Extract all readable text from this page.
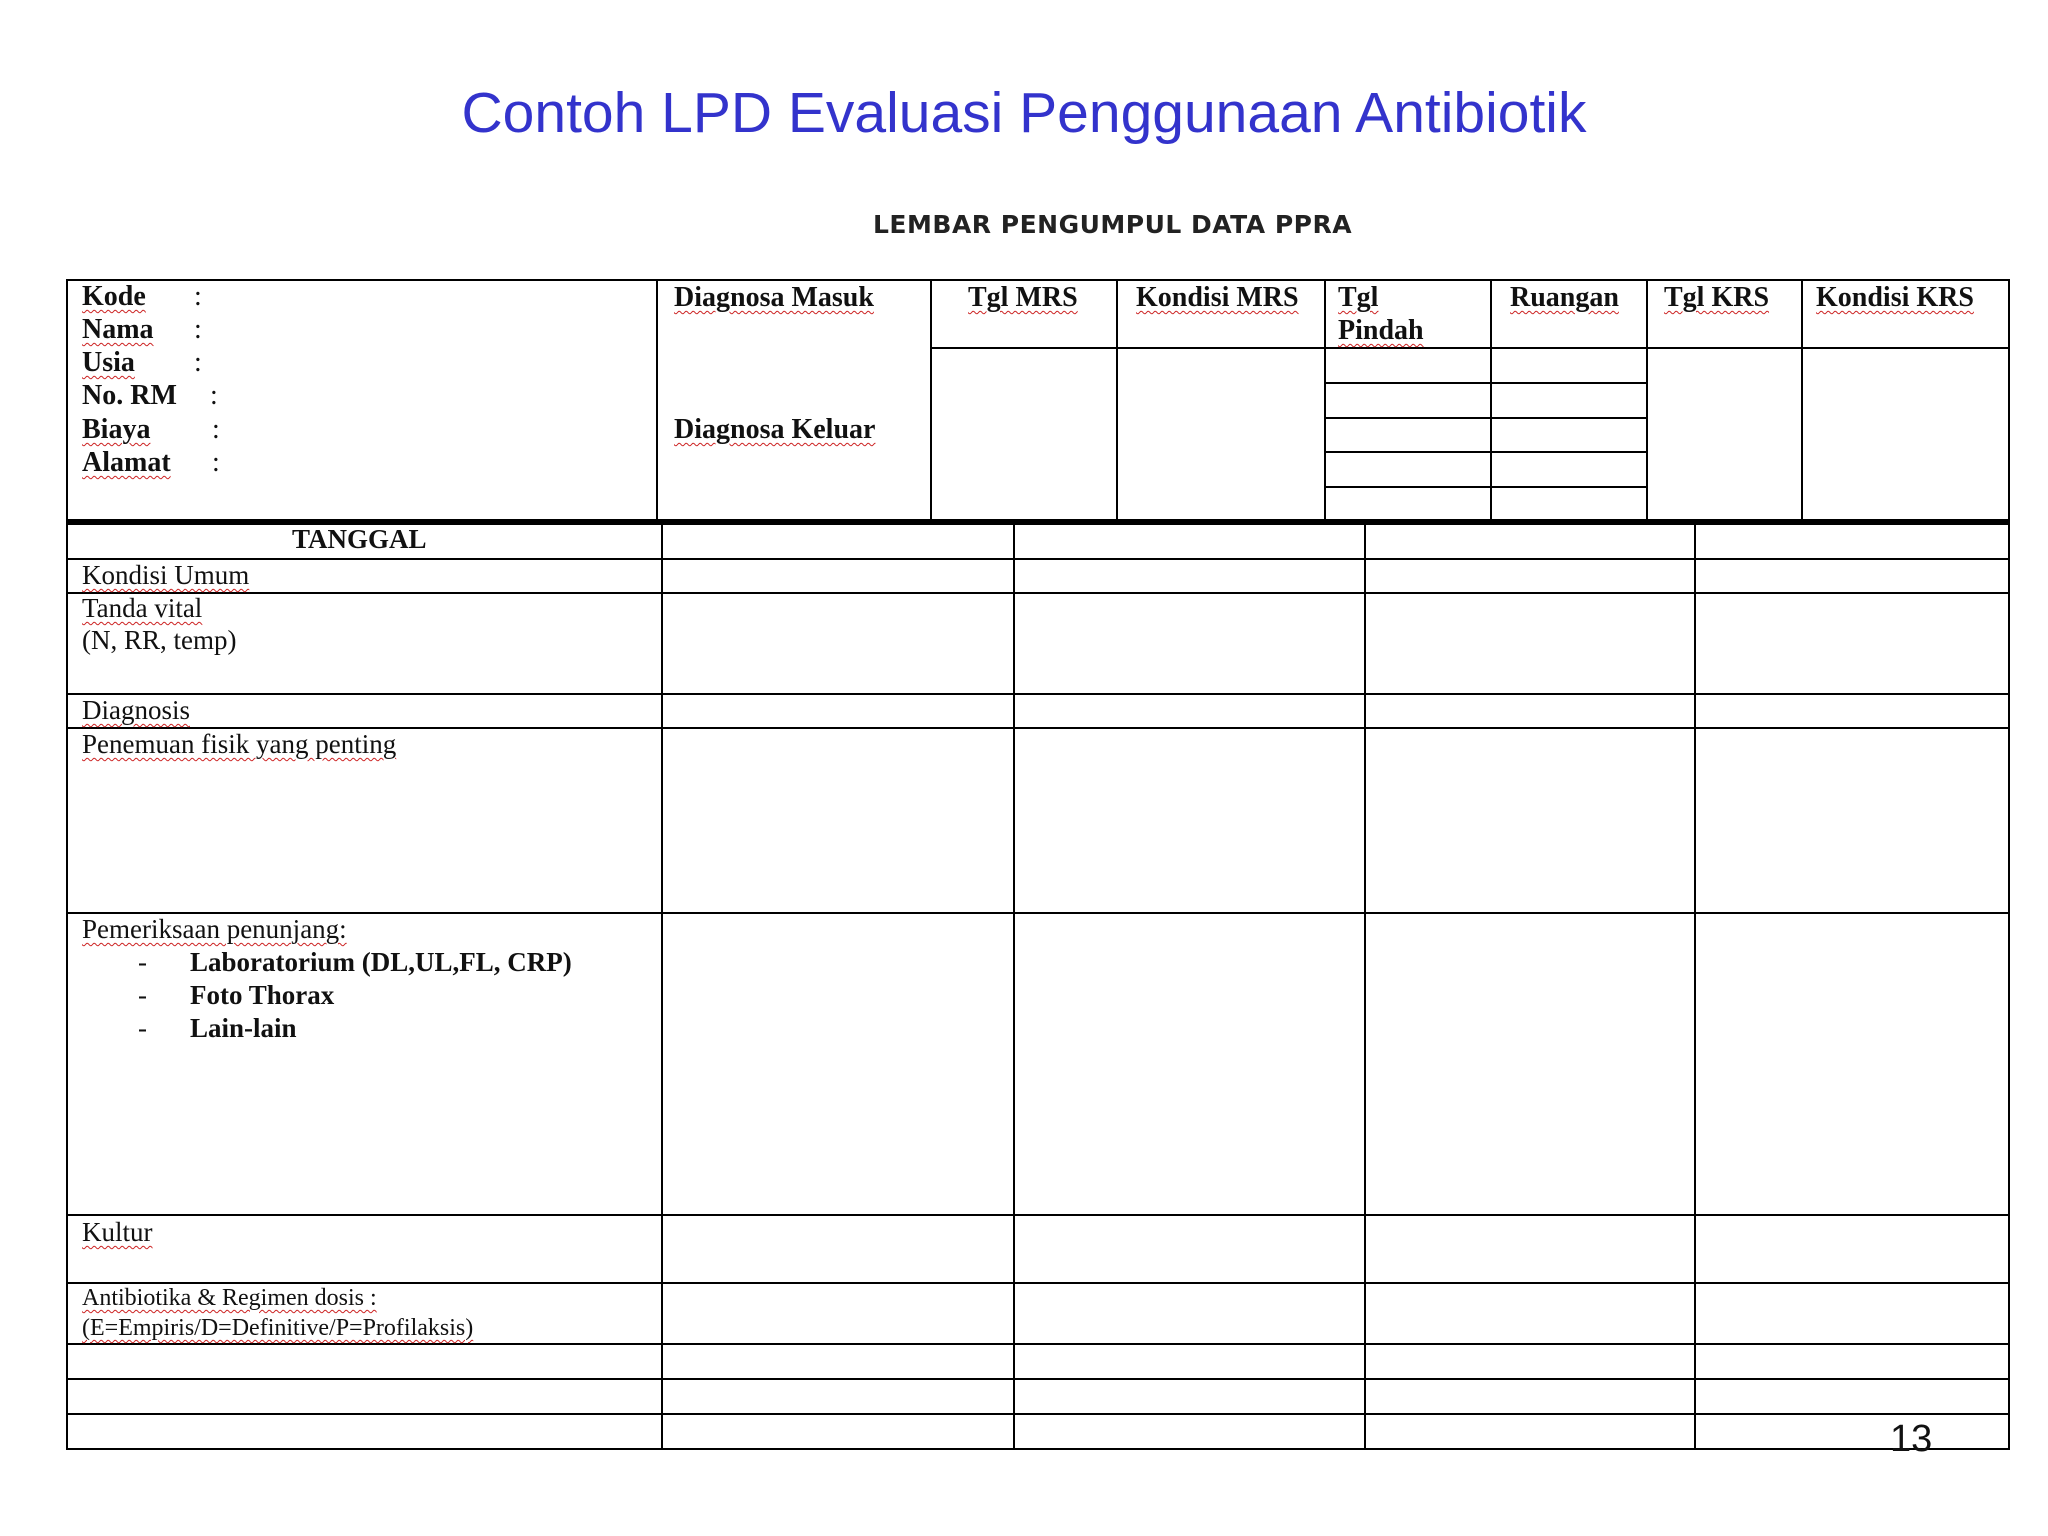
Contoh LPD Evaluasi Penggunaan Antibiotik
LEMBAR PENGUMPUL DATA PPRA
Kode :
Nama :
Usia :
No. RM :
Biaya :
Alamat :
Diagnosa Masuk
Diagnosa Keluar
Tgl MRS Kondisi MRS Tgl
Pindah
Ruangan Tgl KRS Kondisi KRS
TANGGAL
Kondisi Umum
Tanda vital
(N, RR, temp)
Diagnosis
Penemuan fisik yang penting
Pemeriksaan penunjang:
- Laboratorium (DL,UL,FL, CRP)
- Foto Thorax
- Lain-lain
Kultur
Antibiotika & Regimen dosis :
(E=Empiris/D=Definitive/P=Profilaksis)
13
